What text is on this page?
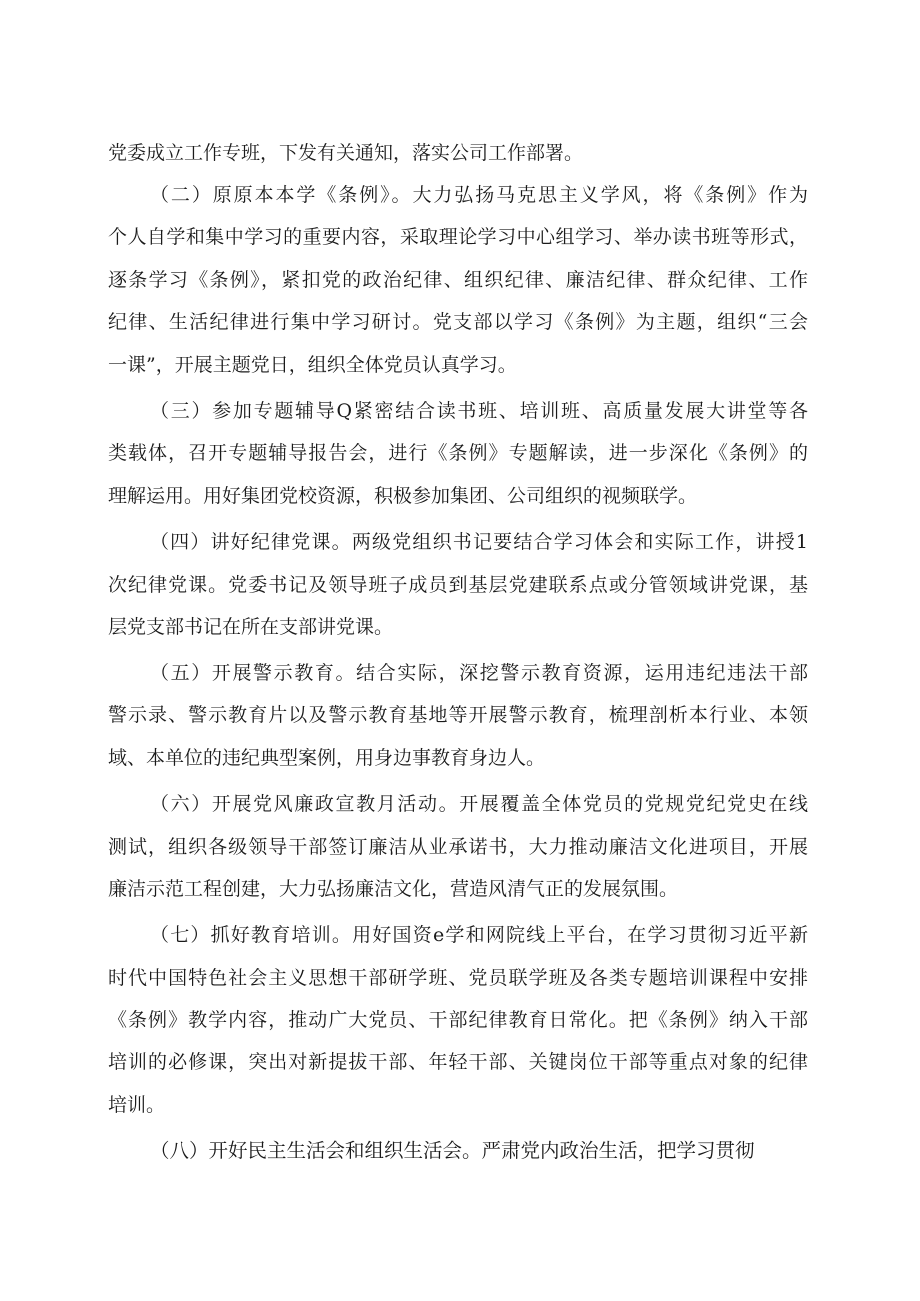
党委成立工作专班，下发有关通知，落实公司工作部署。
（二）原原本本学《条例》。大力弘扬马克思主义学风，将《条例》作为
个人自学和集中学习的重要内容，采取理论学习中心组学习、举办读书班等形式，
逐条学习《条例》，紧扣党的政治纪律、组织纪律、廉洁纪律、群众纪律、工作
纪律、生活纪律进行集中学习研讨。党支部以学习《条例》为主题，组织“三会
一课”，开展主题党日，组织全体党员认真学习。
（三）参加专题辅导Q紧密结合读书班、培训班、高质量发展大讲堂等各
类载体，召开专题辅导报告会，进行《条例》专题解读，进一步深化《条例》的
理解运用。用好集团党校资源，积极参加集团、公司组织的视频联学。
（四）讲好纪律党课。两级党组织书记要结合学习体会和实际工作，讲授1
次纪律党课。党委书记及领导班子成员到基层党建联系点或分管领域讲党课，基
层党支部书记在所在支部讲党课。
（五）开展警示教育。结合实际，深挖警示教育资源，运用违纪违法干部
警示录、警示教育片以及警示教育基地等开展警示教育，梳理剖析本行业、本领
域、本单位的违纪典型案例，用身边事教育身边人。
（六）开展党风廉政宣教月活动。开展覆盖全体党员的党规党纪党史在线
测试，组织各级领导干部签订廉洁从业承诺书，大力推动廉洁文化进项目，开展
廉洁示范工程创建，大力弘扬廉洁文化，营造风清气正的发展氛围。
（七）抓好教育培训。用好国资e学和网院线上平台，在学习贯彻习近平新
时代中国特色社会主义思想干部研学班、党员联学班及各类专题培训课程中安排
《条例》教学内容，推动广大党员、干部纪律教育日常化。把《条例》纳入干部
培训的必修课，突出对新提拔干部、年轻干部、关键岗位干部等重点对象的纪律
培训。
（八）开好民主生活会和组织生活会。严肃党内政治生活，把学习贯彻
